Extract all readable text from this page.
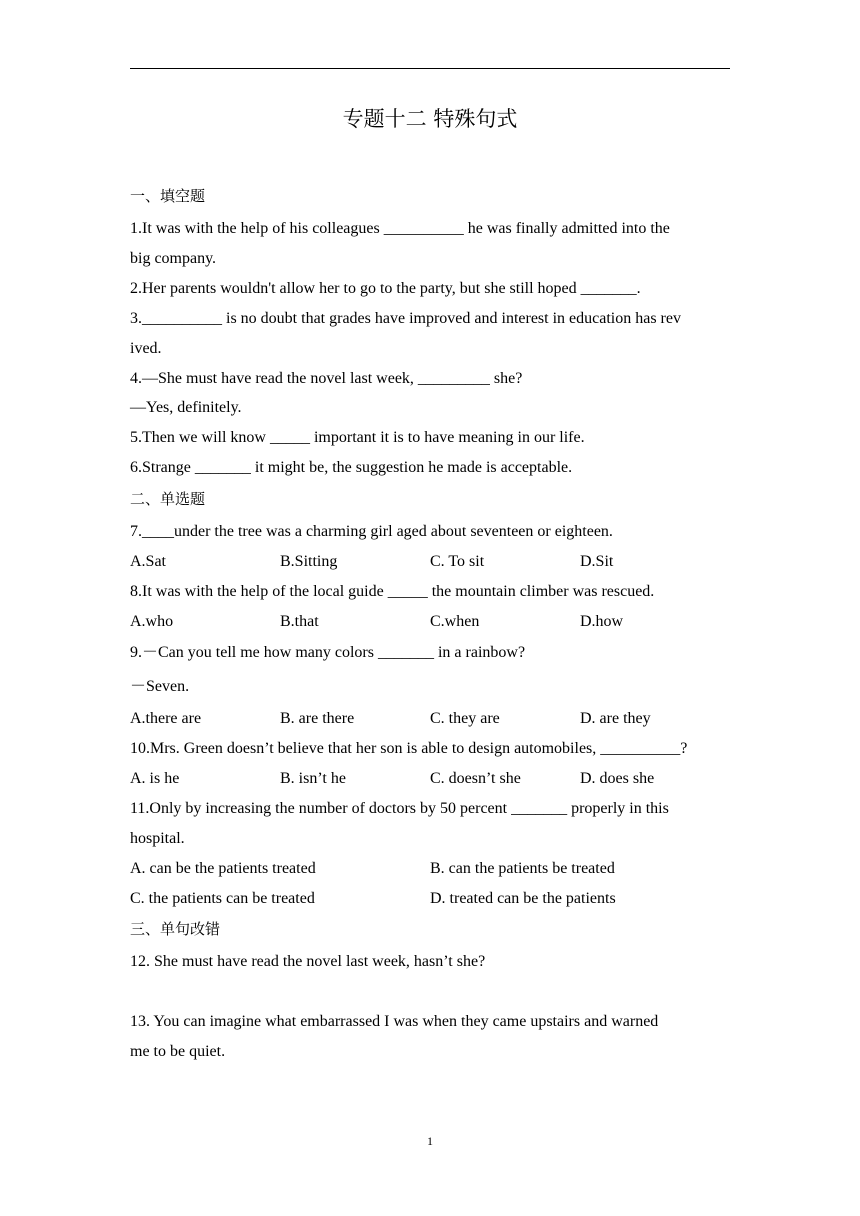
专题十二 特殊句式
一、填空题
1.It was with the help of his colleagues __________ he was finally admitted into the
big company.
2.Her parents wouldn't allow her to go to the party, but she still hoped _______.
3.__________ is no doubt that grades have improved and interest in education has rev
ived.
4.—She must have read the novel last week, _________ she?
—Yes, definitely.
5.Then we will know _____ important it is to have meaning in our life.
6.Strange _______ it might be, the suggestion he made is acceptable.
二、单选题
7.____under the tree was a charming girl aged about seventeen or eighteen.
A.Sat	B.Sitting	C. To sit	D.Sit
8.It was with the help of the local guide _____ the mountain climber was rescued.
A.who	B.that	C.when	D.how
9.－Can you tell me how many colors _______ in a rainbow?
－Seven.
A.there are	B. are there	C. they are	D. are they
10.Mrs. Green doesn’t believe that her son is able to design automobiles, __________?
A. is he	B. isn’t he	C. doesn’t she	D. does she
11.Only by increasing the number of doctors by 50 percent _______ properly in this
hospital.
A. can be the patients treated	B. can the patients be treated
C. the patients can be treated	D. treated can be the patients
三、单句改错
12. She must have read the novel last week, hasn’t she?
13. You can imagine what embarrassed I was when they came upstairs and warned
me to be quiet.
1
